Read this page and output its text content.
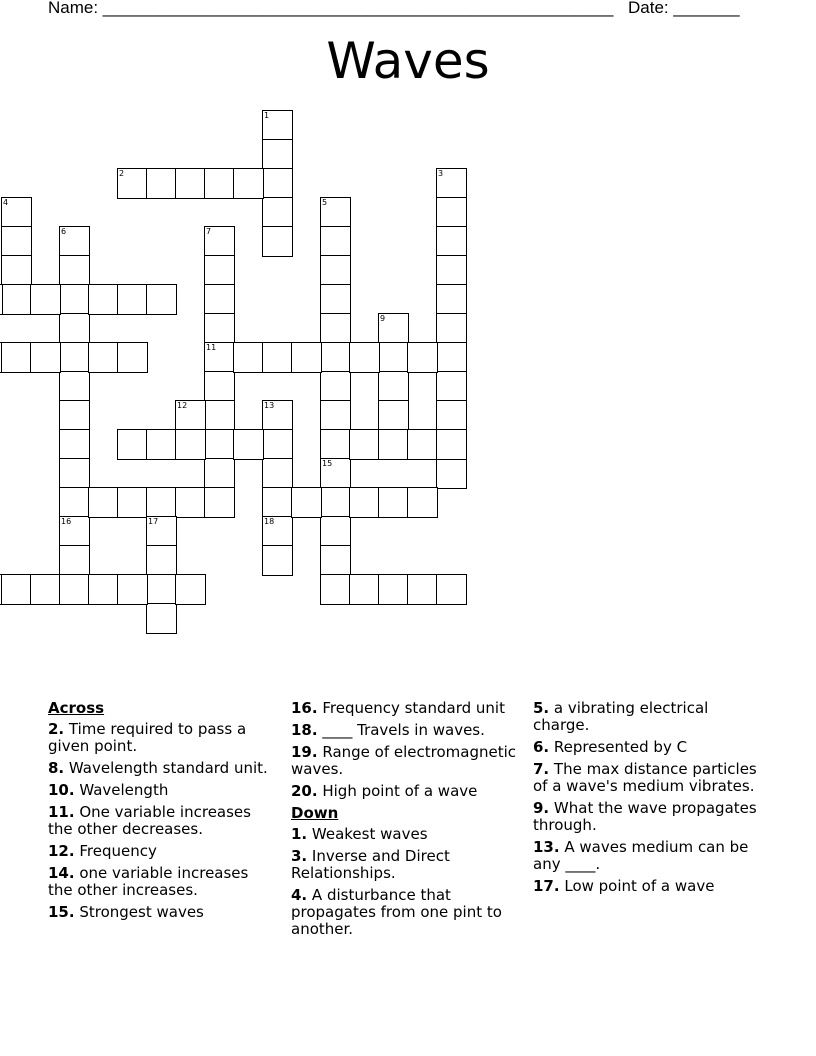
Name: ______________________________________________________ Date: _______
Waves
1
2	3
4	5
15
6
16
7
11
9
12	13
18
17
Across
2. Time required to pass a given point.
8. Wavelength standard unit.
10. Wavelength
11. One variable increases the other decreases.
12. Frequency
14. one variable increases the other increases.
15. Strongest waves
16. Frequency standard unit
18. ____ Travels in waves.
19. Range of electromagnetic waves.
20. High point of a wave
Down
1. Weakest waves
3. Inverse and Direct Relationships.
4. A disturbance that propagates from one pint to another.
5. a vibrating electrical charge.
6. Represented by C
7. The max distance particles of a wave's medium vibrates.
9. What the wave propagates through.
13. A waves medium can be any ____.
17. Low point of a wave
